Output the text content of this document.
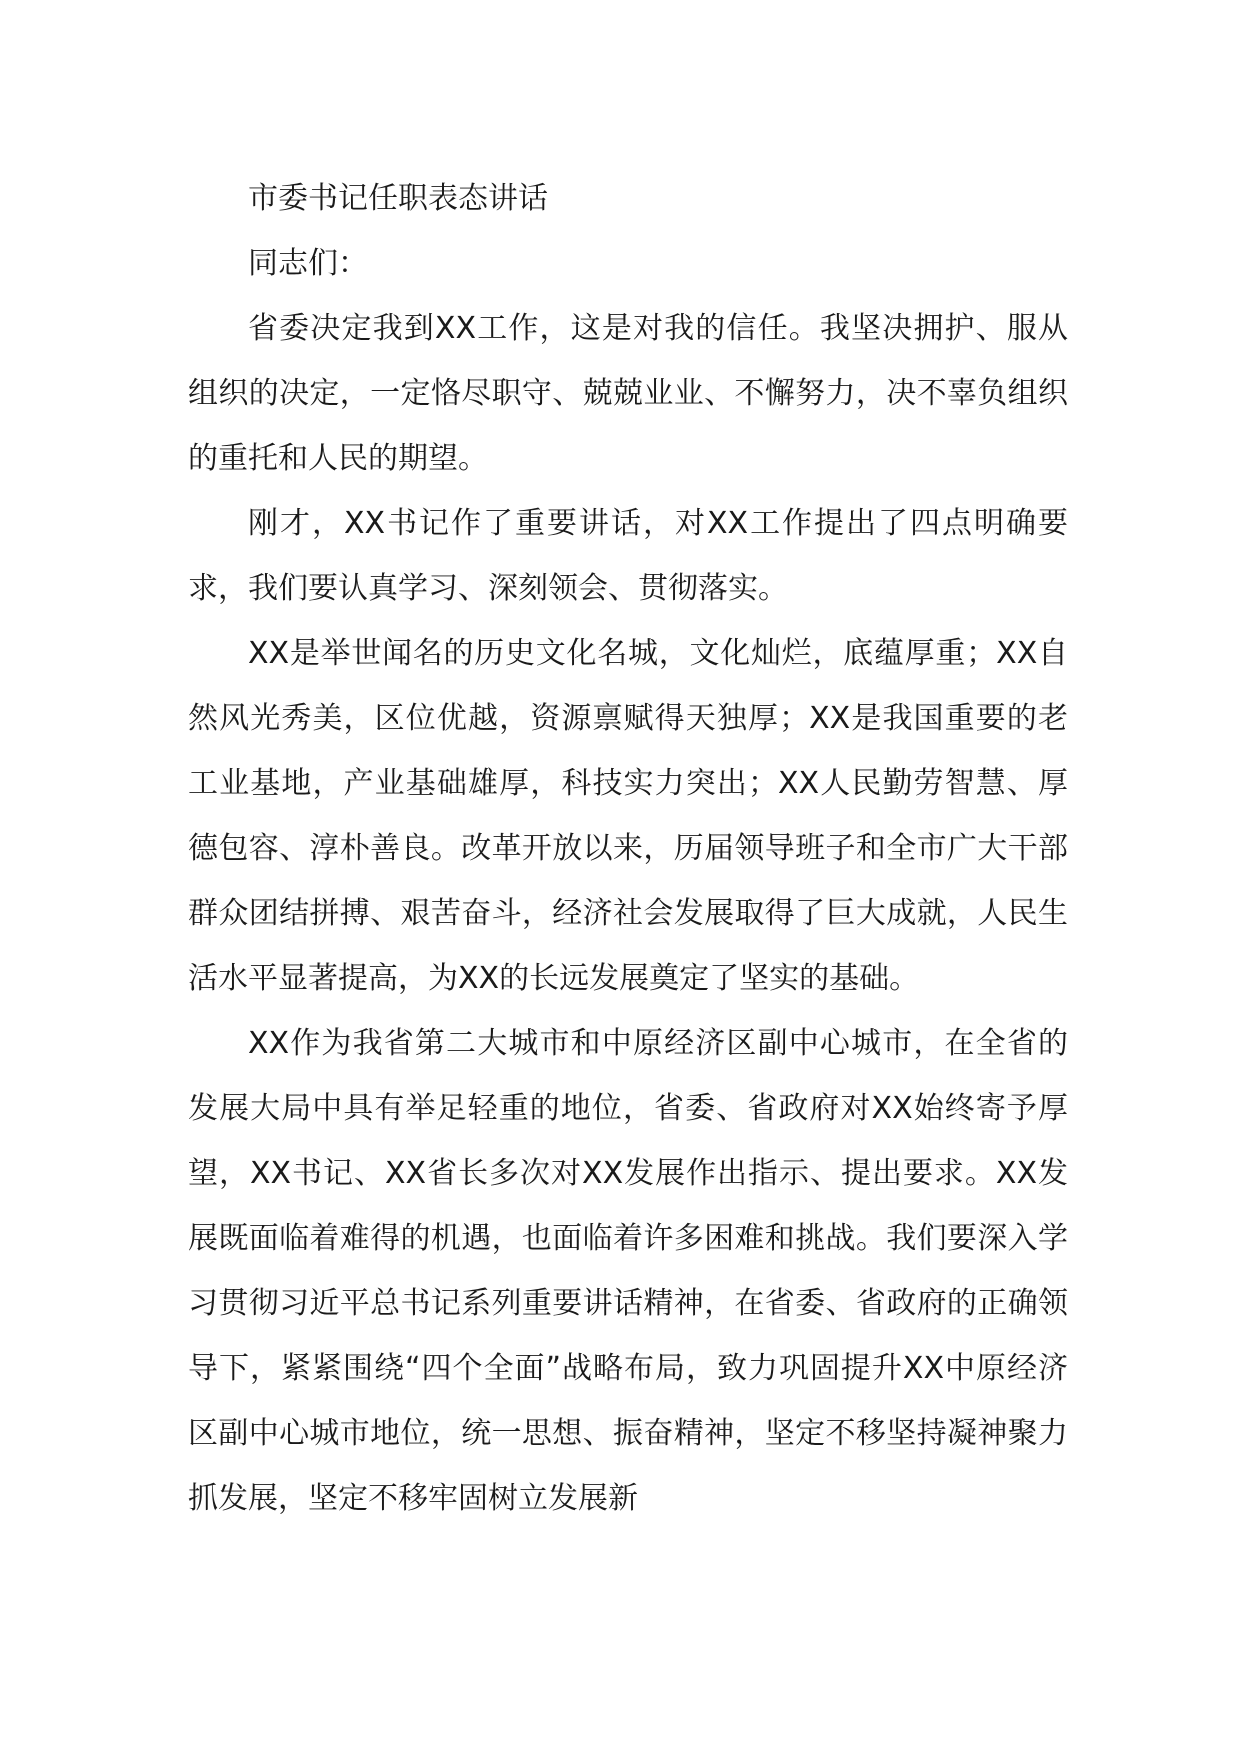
市委书记任职表态讲话

同志们：

省委决定我到XX工作，这是对我的信任。我坚决拥护、服从组织的决定，一定恪尽职守、兢兢业业、不懈努力，决不辜负组织的重托和人民的期望。

刚才，XX书记作了重要讲话，对XX工作提出了四点明确要求，我们要认真学习、深刻领会、贯彻落实。

XX是举世闻名的历史文化名城，文化灿烂，底蕴厚重；XX自然风光秀美，区位优越，资源禀赋得天独厚；XX是我国重要的老工业基地，产业基础雄厚，科技实力突出；XX人民勤劳智慧、厚德包容、淳朴善良。改革开放以来，历届领导班子和全市广大干部群众团结拼搏、艰苦奋斗，经济社会发展取得了巨大成就，人民生活水平显著提高，为XX的长远发展奠定了坚实的基础。

XX作为我省第二大城市和中原经济区副中心城市，在全省的发展大局中具有举足轻重的地位，省委、省政府对XX始终寄予厚望，XX书记、XX省长多次对XX发展作出指示、提出要求。XX发展既面临着难得的机遇，也面临着许多困难和挑战。我们要深入学习贯彻习近平总书记系列重要讲话精神，在省委、省政府的正确领导下，紧紧围绕“四个全面”战略布局，致力巩固提升XX中原经济区副中心城市地位，统一思想、振奋精神，坚定不移坚持凝神聚力抓发展，坚定不移牢固树立发展新
